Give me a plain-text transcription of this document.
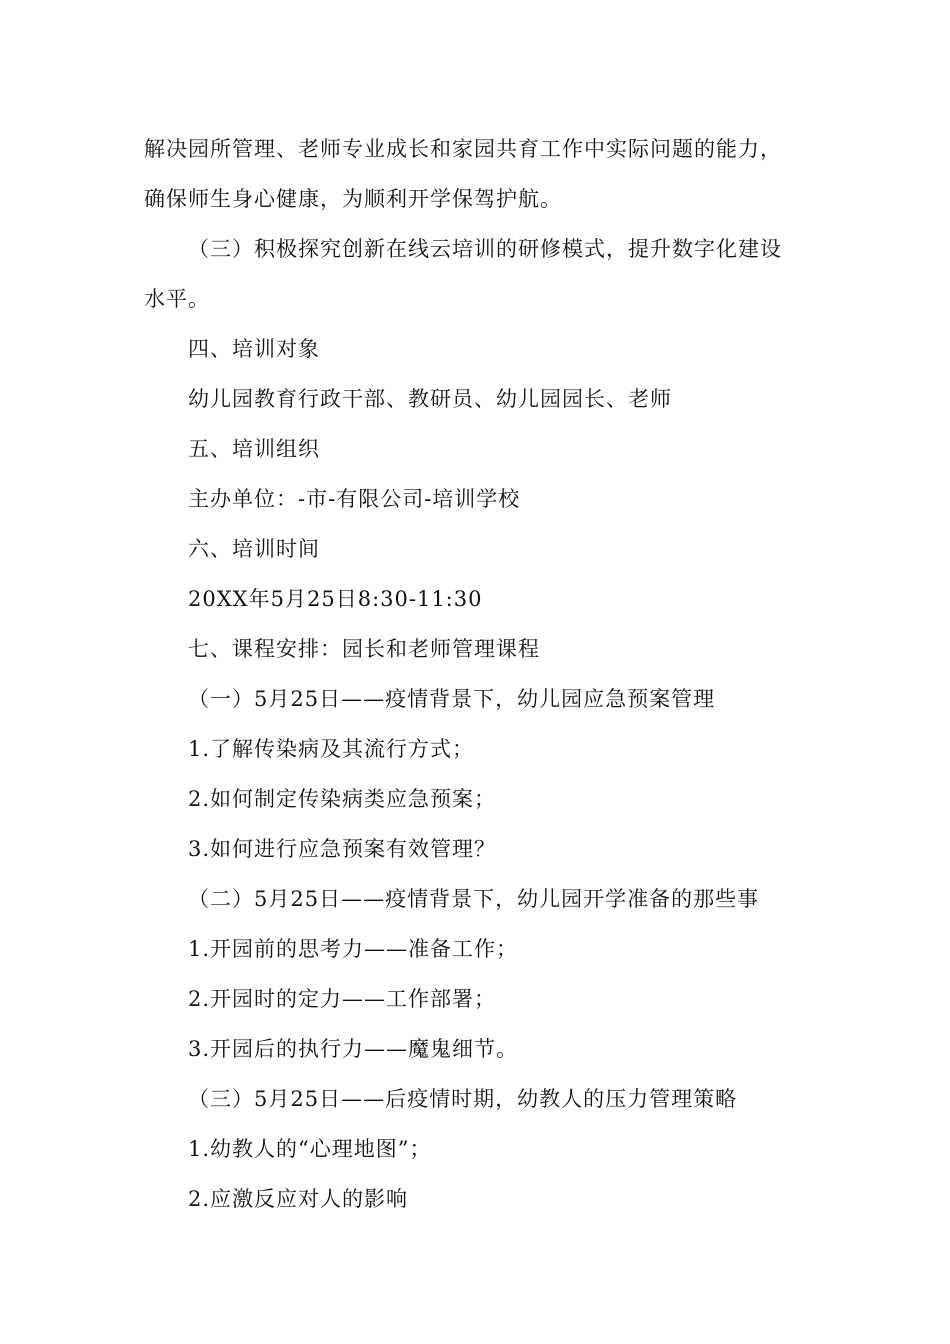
解决园所管理、老师专业成长和家园共育工作中实际问题的能力，
确保师生身心健康，为顺利开学保驾护航。
（三）积极探究创新在线云培训的研修模式，提升数字化建设
水平。
四、培训对象
幼儿园教育行政干部、教研员、幼儿园园长、老师
五、培训组织
主办单位：-市-有限公司-培训学校
六、培训时间
20XX年5月25日8:30-11:30
七、课程安排：园长和老师管理课程
（一）5月25日——疫情背景下，幼儿园应急预案管理
1.了解传染病及其流行方式；
2.如何制定传染病类应急预案；
3.如何进行应急预案有效管理？
（二）5月25日——疫情背景下，幼儿园开学准备的那些事
1.开园前的思考力——准备工作；
2.开园时的定力——工作部署；
3.开园后的执行力——魔鬼细节。
（三）5月25日——后疫情时期，幼教人的压力管理策略
1.幼教人的“心理地图”；
2.应激反应对人的影响
